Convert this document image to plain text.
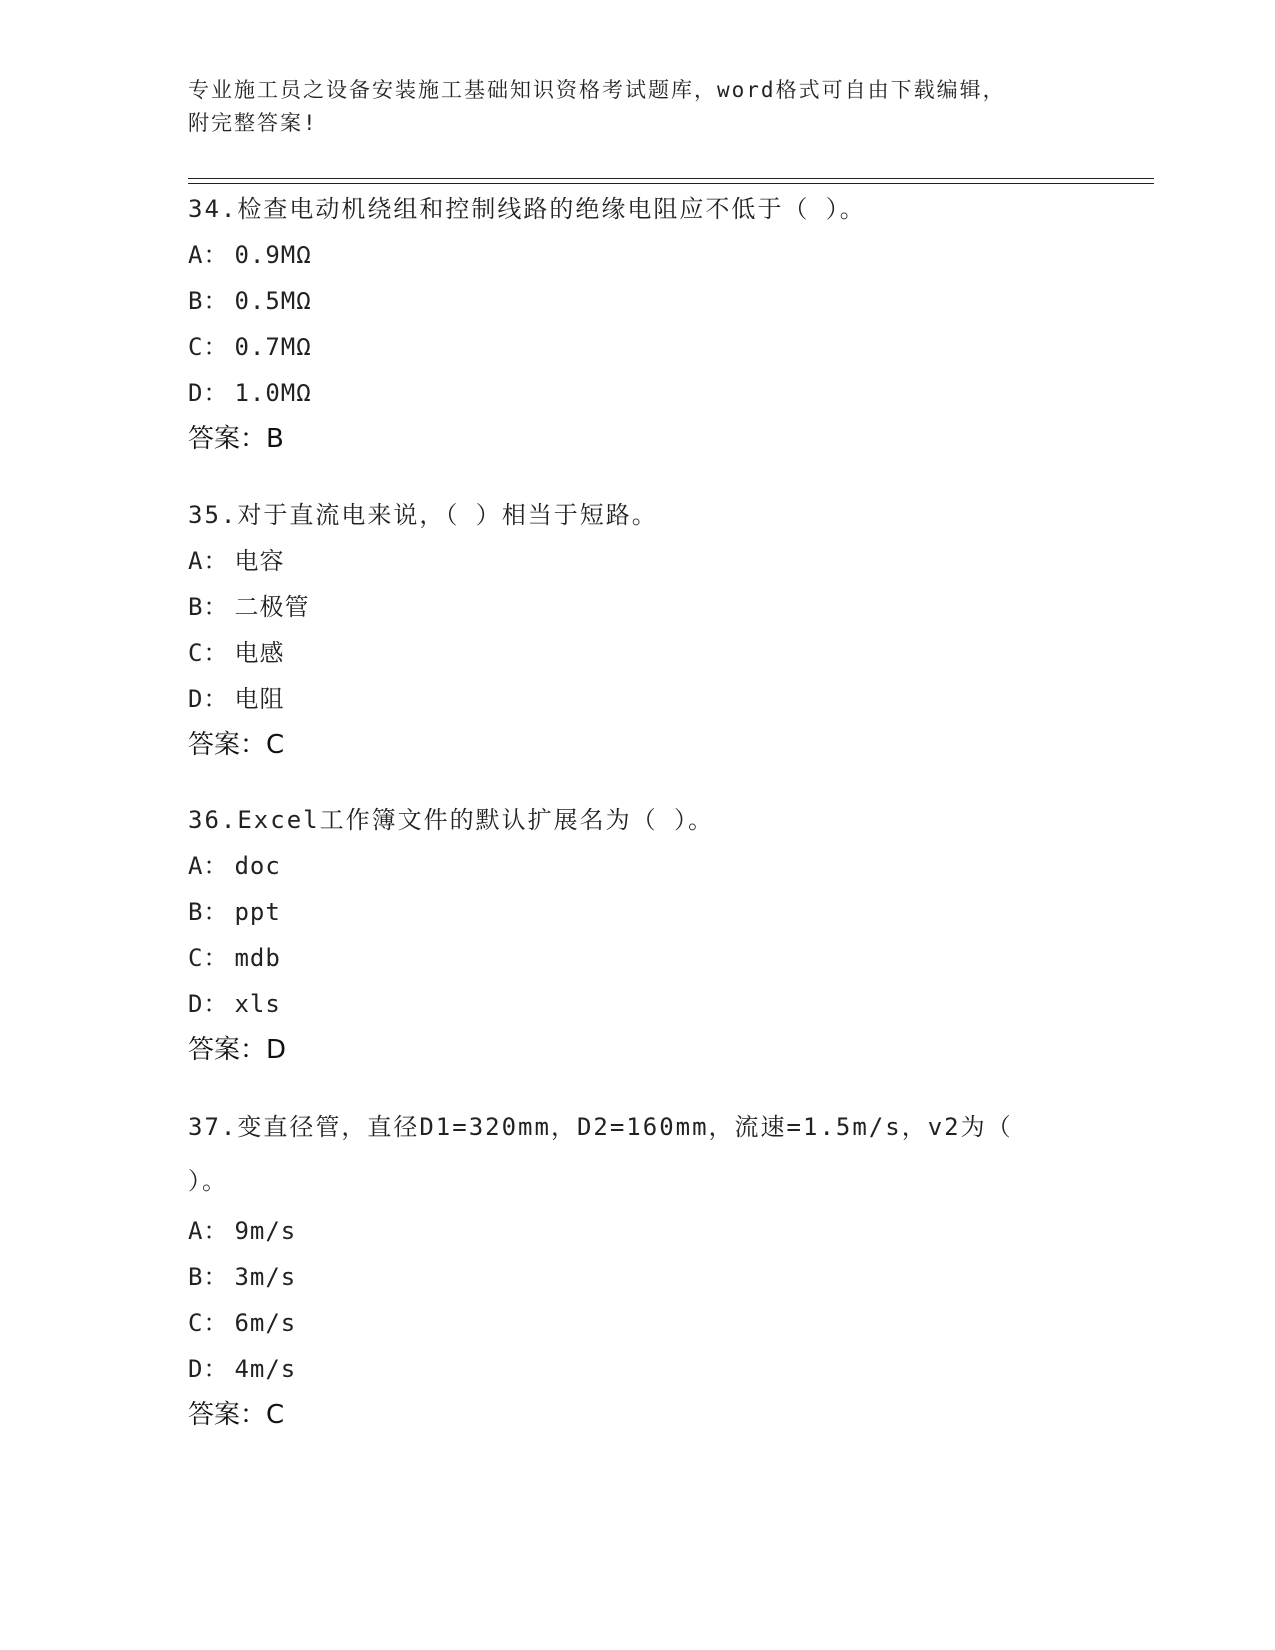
专业施工员之设备安装施工基础知识资格考试题库，word格式可自由下载编辑，
附完整答案!
34.检查电动机绕组和控制线路的绝缘电阻应不低于（ ）。
A： 0.9MΩ
B： 0.5MΩ
C： 0.7MΩ
D： 1.0MΩ
答案：B
35.对于直流电来说，（ ）相当于短路。
A： 电容
B： 二极管
C： 电感
D： 电阻
答案：C
36.Excel工作簿文件的默认扩展名为（ ）。
A： doc
B： ppt
C： mdb
D： xls
答案：D
37.变直径管，直径D1=320mm，D2=160mm，流速=1.5m/s，v2为（ ）。
A： 9m/s
B： 3m/s
C： 6m/s
D： 4m/s
答案：C
